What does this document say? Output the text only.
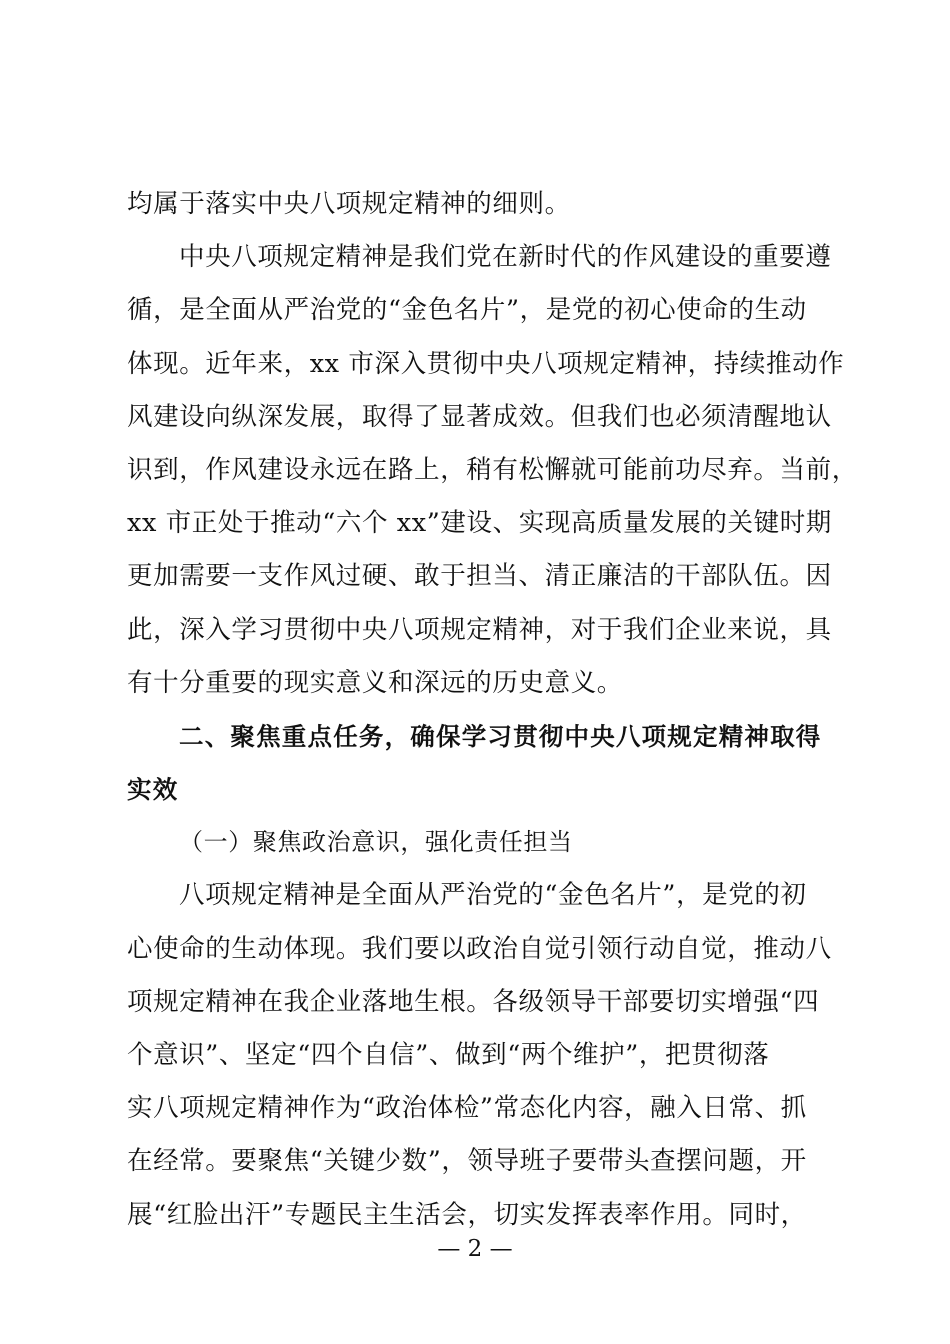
均属于落实中央八项规定精神的细则。
中央八项规定精神是我们党在新时代的作风建设的重要遵
循，是全面从严治党的“金色名片”，是党的初心使命的生动
体现。近年来，xx 市深入贯彻中央八项规定精神，持续推动作
风建设向纵深发展，取得了显著成效。但我们也必须清醒地认
识到，作风建设永远在路上，稍有松懈就可能前功尽弃。当前，
xx 市正处于推动“六个 xx”建设、实现高质量发展的关键时期
更加需要一支作风过硬、敢于担当、清正廉洁的干部队伍。因
此，深入学习贯彻中央八项规定精神，对于我们企业来说，具
有十分重要的现实意义和深远的历史意义。
二、聚焦重点任务，确保学习贯彻中央八项规定精神取得
实效
（一）聚焦政治意识，强化责任担当
八项规定精神是全面从严治党的“金色名片”，是党的初
心使命的生动体现。我们要以政治自觉引领行动自觉，推动八
项规定精神在我企业落地生根。各级领导干部要切实增强“四
个意识”、坚定“四个自信”、做到“两个维护”，把贯彻落
实八项规定精神作为“政治体检”常态化内容，融入日常、抓
在经常。要聚焦“关键少数”，领导班子要带头查摆问题，开
展“红脸出汗”专题民主生活会，切实发挥表率作用。同时，
— 2 —
